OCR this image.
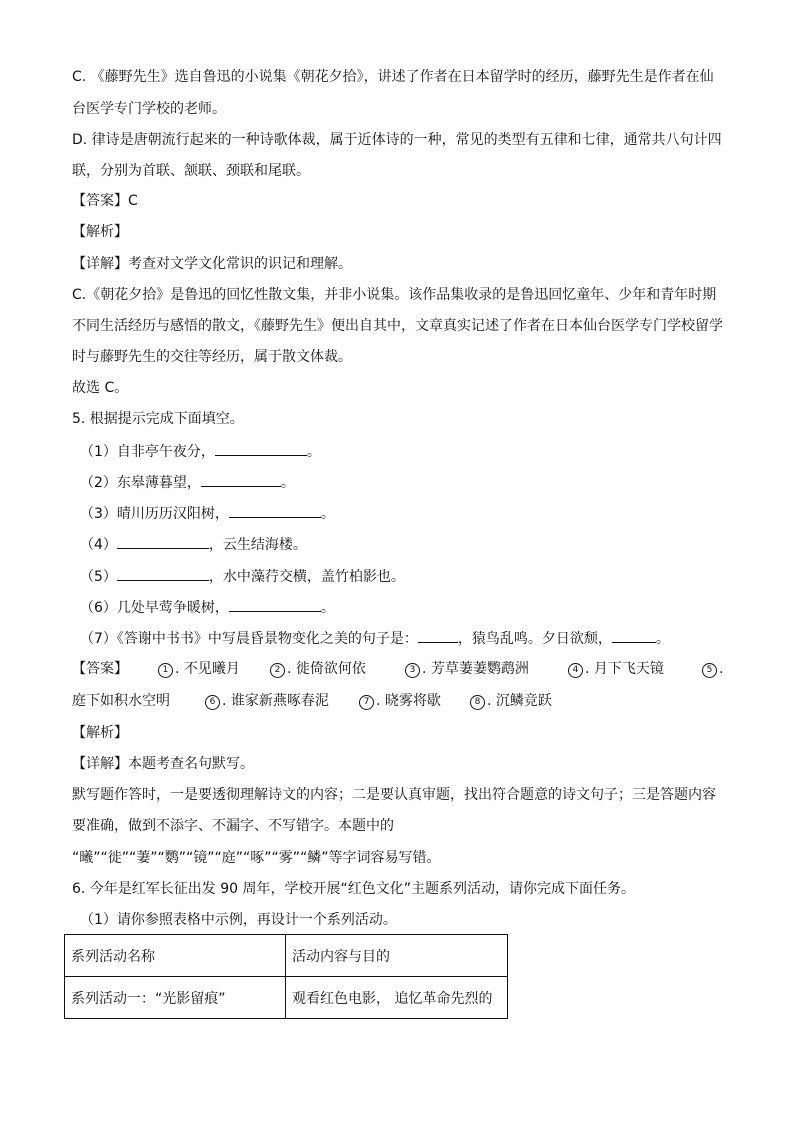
C. 《藤野先生》选自鲁迅的小说集《朝花夕拾》，讲述了作者在日本留学时的经历，藤野先生是作者在仙
台医学专门学校的老师。
D. 律诗是唐朝流行起来的一种诗歌体裁，属于近体诗的一种，常见的类型有五律和七律，通常共八句计四
联，分别为首联、颔联、颈联和尾联。
【答案】C
【解析】
【详解】考查对文学文化常识的识记和理解。
C.《朝花夕拾》是鲁迅的回忆性散文集，并非小说集。该作品集收录的是鲁迅回忆童年、少年和青年时期
不同生活经历与感悟的散文，《藤野先生》便出自其中，文章真实记述了作者在日本仙台医学专门学校留学
时与藤野先生的交往等经历，属于散文体裁。
故选 C。
5. 根据提示完成下面填空。
（1）自非亭午夜分，	。
（2）东皋薄暮望，	。
（3）晴川历历汉阳树，	。
（4）	，云生结海楼。
（5）	，水中藻荇交横，盖竹柏影也。
（6）几处早莺争暖树，	。
（7）《答谢中书书》中写晨昏景物变化之美的句子是：	，猿鸟乱鸣。夕日欲颓，	。
【答案】	1 . 不见曦月	2 . 徙倚欲何依	3 . 芳草萋萋鹦鹉洲	4 . 月下飞天镜	5 .
庭下如积水空明	6 . 谁家新燕啄春泥	7 . 晓雾将歇	8 . 沉鳞竞跃
【解析】
【详解】本题考查名句默写。
默写题作答时，一是要透彻理解诗文的内容；二是要认真审题，找出符合题意的诗文句子；三是答题内容
要准确，做到不添字、不漏字、不写错字。本题中的
“曦”“徙”“萋”“鹦”“镜”“庭”“啄”“雾”“鳞”等字词容易写错。
6. 今年是红军长征出发 90 周年，学校开展“红色文化”主题系列活动，请你完成下面任务。
（1）请你参照表格中示例，再设计一个系列活动。
系列活动名称	活动内容与目的
系列活动一：“光影留痕”	观看红色电影， 追忆革命先烈的
